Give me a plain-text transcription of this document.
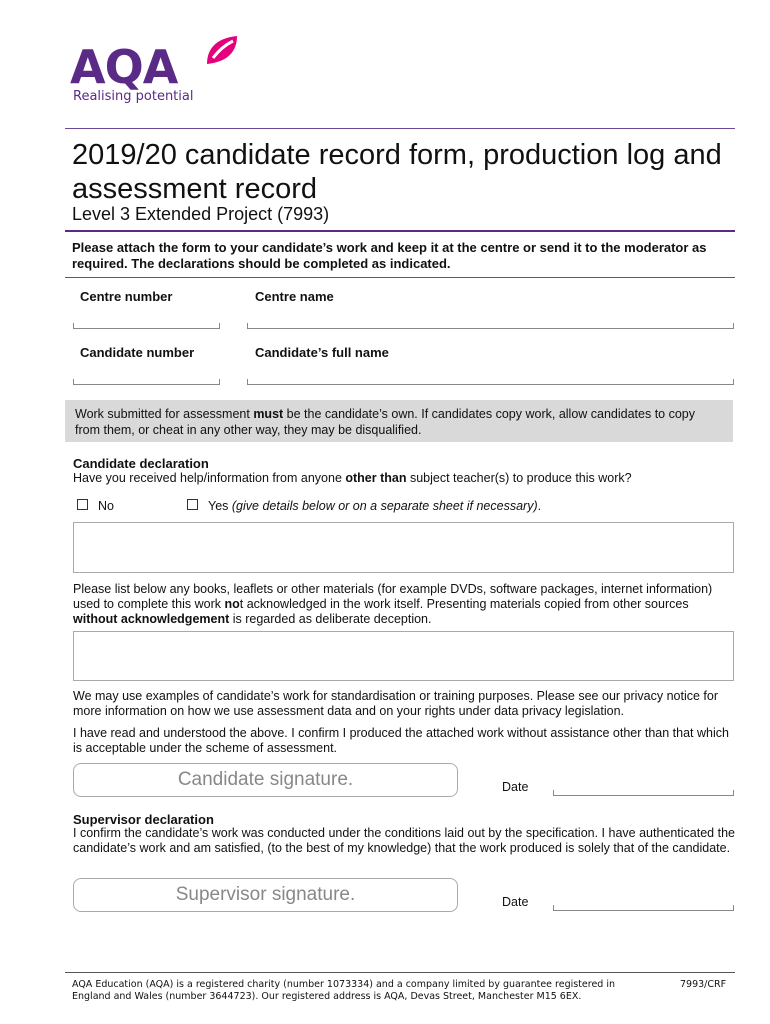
AQA
Realising potential
2019/20 candidate record form, production log and assessment record
Level 3 Extended Project (7993)
Please attach the form to your candidate’s work and keep it at the centre or send it to the moderator as required. The declarations should be completed as indicated.
Centre number	Centre name
Candidate number	Candidate’s full name
Work submitted for assessment must be the candidate’s own. If candidates copy work, allow candidates to copy from them, or cheat in any other way, they may be disqualified.
Candidate declaration
Have you received help/information from anyone other than subject teacher(s) to produce this work?
No	Yes (give details below or on a separate sheet if necessary).
Please list below any books, leaflets or other materials (for example DVDs, software packages, internet information) used to complete this work not acknowledged in the work itself. Presenting materials copied from other sources without acknowledgement is regarded as deliberate deception.
We may use examples of candidate’s work for standardisation or training purposes. Please see our privacy notice for more information on how we use assessment data and on your rights under data privacy legislation.
I have read and understood the above. I confirm I produced the attached work without assistance other than that which is acceptable under the scheme of assessment.
Candidate signature.	Date
Supervisor declaration
I confirm the candidate’s work was conducted under the conditions laid out by the specification. I have authenticated the candidate’s work and am satisfied, (to the best of my knowledge) that the work produced is solely that of the candidate.
Supervisor signature.	Date
AQA Education (AQA) is a registered charity (number 1073334) and a company limited by guarantee registered in England and Wales (number 3644723). Our registered address is AQA, Devas Street, Manchester M15 6EX.
7993/CRF
